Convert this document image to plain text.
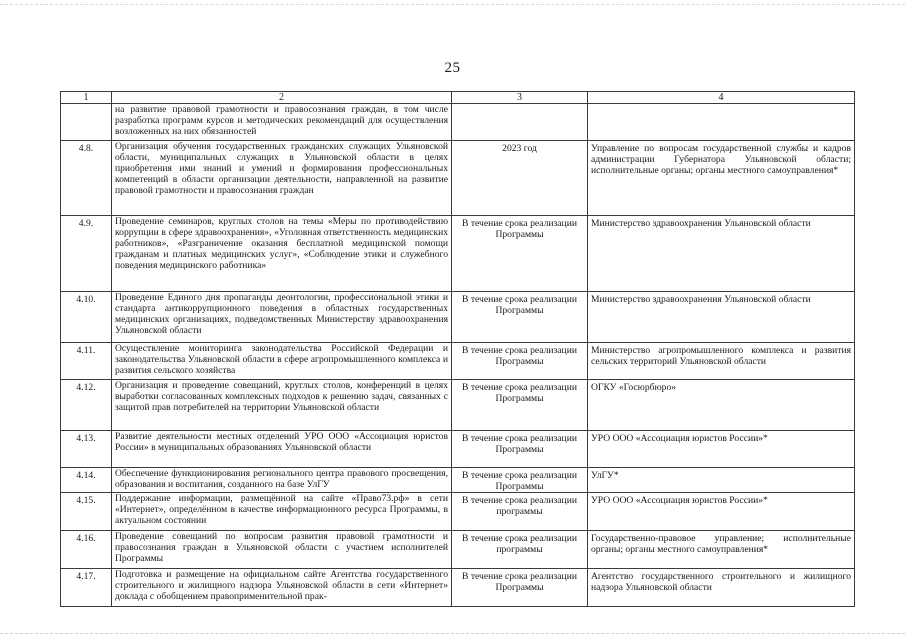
25
1	2	3	4
	на развитие правовой грамотности и правосознания граждан, в том числе разработка программ курсов и методических рекомендаций для осуществления возложенных на них обязанностей		
4.8.	Организация обучения государственных гражданских служащих Ульяновской области, муниципальных служащих в Ульяновской области в целях приобретения ими знаний и умений и формирования профессиональных компетенций в области организации деятельности, направленной на развитие правовой грамотности и правосознания граждан	2023 год	Управление по вопросам государственной службы и кадров администрации Губернатора Ульяновской области; исполнительные органы; органы местного самоуправления*
4.9.	Проведение семинаров, круглых столов на темы «Меры по противодействию коррупции в сфере здравоохранения», «Уголовная ответственность медицинских работников», «Разграничение оказания бесплатной медицинской помощи гражданам и платных медицинских услуг», «Соблюдение этики и служебного поведения медицинского работника»	В течение срока реализации Программы	Министерство здравоохранения Ульяновской области
4.10.	Проведение Единого дня пропаганды деонтологии, профессиональной этики и стандарта антикоррупционного поведения в областных государственных медицинских организациях, подведомственных Министерству здравоохранения Ульяновской области	В течение срока реализации Программы	Министерство здравоохранения Ульяновской области
4.11.	Осуществление мониторинга законодательства Российской Федерации и законодательства Ульяновской области в сфере агропромышленного комплекса и развития сельского хозяйства	В течение срока реализации Программы	Министерство агропромышленного комплекса и развития сельских территорий Ульяновской области
4.12.	Организация и проведение совещаний, круглых столов, конференций в целях выработки согласованных комплексных подходов к решению задач, связанных с защитой прав потребителей на территории Ульяновской области	В течение срока реализации Программы	ОГКУ «Госюрбюро»
4.13.	Развитие деятельности местных отделений УРО ООО «Ассоциация юристов России» в муниципальных образованиях Ульяновской области	В течение срока реализации Программы	УРО ООО «Ассоциация юристов России»*
4.14.	Обеспечение функционирования регионального центра правового просвещения, образования и воспитания, созданного на базе УлГУ	В течение срока реализации Программы	УлГУ*
4.15.	Поддержание информации, размещённой на сайте «Право73.рф» в сети «Интернет», определённом в качестве информационного ресурса Программы, в актуальном состоянии	В течение срока реализации программы	УРО ООО «Ассоциация юристов России»*
4.16.	Проведение совещаний по вопросам развития правовой грамотности и правосознания граждан в Ульяновской области с участием исполнителей Программы	В течение срока реализации программы	Государственно-правовое управление; исполнительные органы; органы местного самоуправления*
4.17.	Подготовка и размещение на официальном сайте Агентства государственного строительного и жилищного надзора Ульяновской области в сети «Интернет» доклада с обобщением правоприменительной прак-	В течение срока реализации Программы	Агентство государственного строительного и жилищного надзора Ульяновской области
